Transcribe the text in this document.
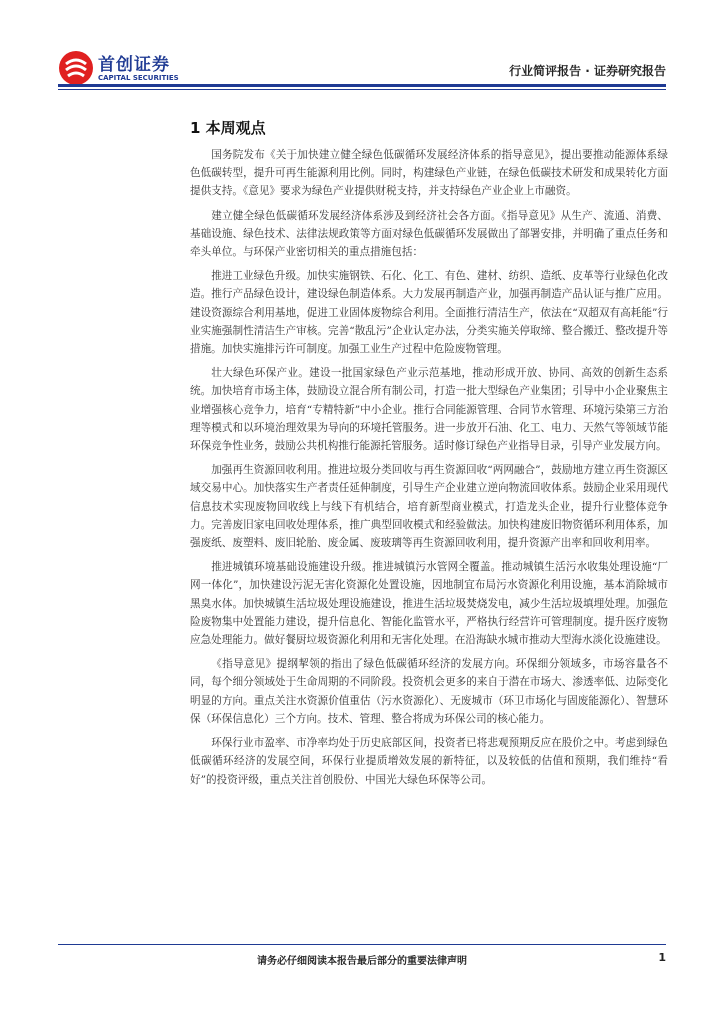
首创证券
CAPITAL SECURITIES	行业简评报告 · 证券研究报告
1 本周观点

国务院发布《关于加快建立健全绿色低碳循环发展经济体系的指导意见》，提出要推动能源体系绿色低碳转型，提升可再生能源利用比例。同时，构建绿色产业链，在绿色低碳技术研发和成果转化方面提供支持。《意见》要求为绿色产业提供财税支持，并支持绿色产业企业上市融资。

建立健全绿色低碳循环发展经济体系涉及到经济社会各方面。《指导意见》从生产、流通、消费、基础设施、绿色技术、法律法规政策等方面对绿色低碳循环发展做出了部署安排，并明确了重点任务和牵头单位。与环保产业密切相关的重点措施包括：

推进工业绿色升级。加快实施钢铁、石化、化工、有色、建材、纺织、造纸、皮革等行业绿色化改造。推行产品绿色设计，建设绿色制造体系。大力发展再制造产业，加强再制造产品认证与推广应用。建设资源综合利用基地，促进工业固体废物综合利用。全面推行清洁生产，依法在“双超双有高耗能”行业实施强制性清洁生产审核。完善“散乱污”企业认定办法，分类实施关停取缔、整合搬迁、整改提升等措施。加快实施排污许可制度。加强工业生产过程中危险废物管理。

壮大绿色环保产业。建设一批国家绿色产业示范基地，推动形成开放、协同、高效的创新生态系统。加快培育市场主体，鼓励设立混合所有制公司，打造一批大型绿色产业集团；引导中小企业聚焦主业增强核心竞争力，培育“专精特新”中小企业。推行合同能源管理、合同节水管理、环境污染第三方治理等模式和以环境治理效果为导向的环境托管服务。进一步放开石油、化工、电力、天然气等领域节能环保竞争性业务，鼓励公共机构推行能源托管服务。适时修订绿色产业指导目录，引导产业发展方向。

加强再生资源回收利用。推进垃圾分类回收与再生资源回收“两网融合”，鼓励地方建立再生资源区域交易中心。加快落实生产者责任延伸制度，引导生产企业建立逆向物流回收体系。鼓励企业采用现代信息技术实现废物回收线上与线下有机结合，培育新型商业模式，打造龙头企业，提升行业整体竞争力。完善废旧家电回收处理体系，推广典型回收模式和经验做法。加快构建废旧物资循环利用体系，加强废纸、废塑料、废旧轮胎、废金属、废玻璃等再生资源回收利用，提升资源产出率和回收利用率。

推进城镇环境基础设施建设升级。推进城镇污水管网全覆盖。推动城镇生活污水收集处理设施“厂网一体化”，加快建设污泥无害化资源化处置设施，因地制宜布局污水资源化利用设施，基本消除城市黑臭水体。加快城镇生活垃圾处理设施建设，推进生活垃圾焚烧发电，减少生活垃圾填埋处理。加强危险废物集中处置能力建设，提升信息化、智能化监管水平，严格执行经营许可管理制度。提升医疗废物应急处理能力。做好餐厨垃圾资源化利用和无害化处理。在沿海缺水城市推动大型海水淡化设施建设。

《指导意见》提纲挈领的指出了绿色低碳循环经济的发展方向。环保细分领域多，市场容量各不同，每个细分领域处于生命周期的不同阶段。投资机会更多的来自于潜在市场大、渗透率低、边际变化明显的方向。重点关注水资源价值重估（污水资源化）、无废城市（环卫市场化与固废能源化）、智慧环保（环保信息化）三个方向。技术、管理、整合将成为环保公司的核心能力。

环保行业市盈率、市净率均处于历史底部区间，投资者已将悲观预期反应在股价之中。考虑到绿色低碳循环经济的发展空间，环保行业提质增效发展的新特征，以及较低的估值和预期，我们维持“看好”的投资评级，重点关注首创股份、中国光大绿色环保等公司。

请务必仔细阅读本报告最后部分的重要法律声明	1
